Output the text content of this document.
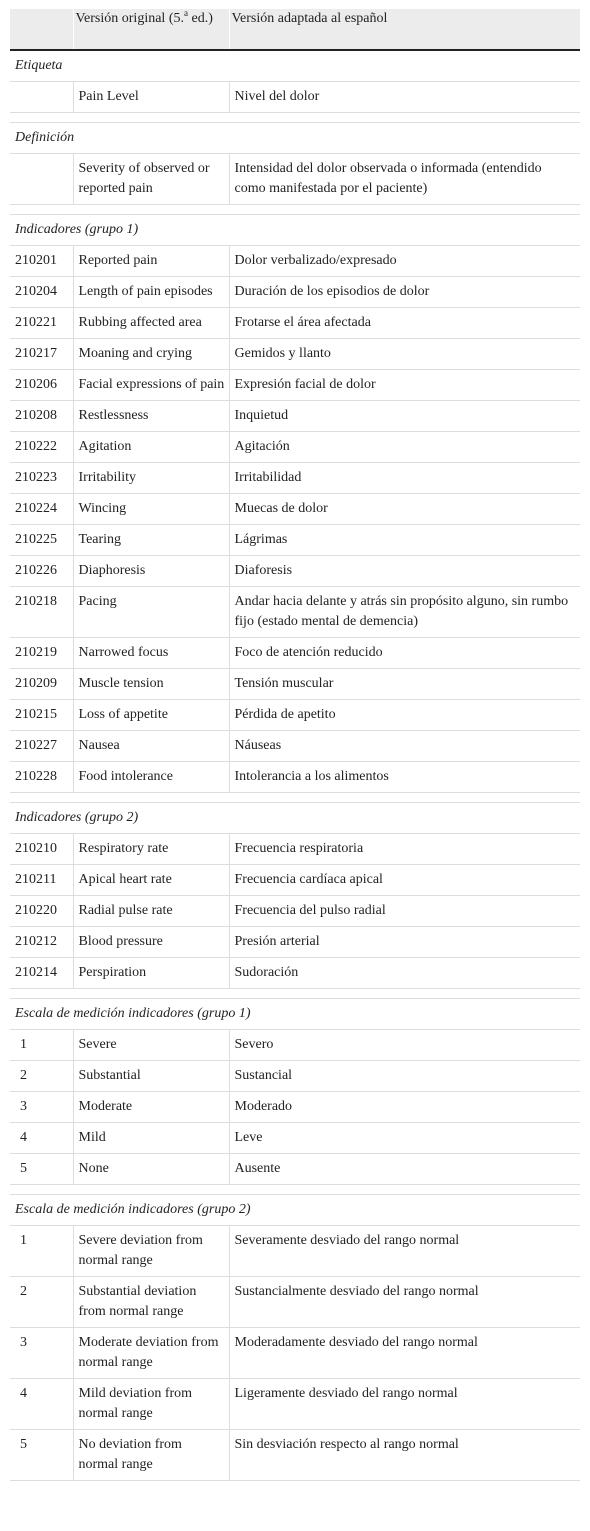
	Versión original (5.$^a$ ed.)	Versión adaptada al español
Etiqueta		
	Pain Level	Nivel del dolor

Definición		
	Severity of observed or reported pain	Intensidad del dolor observada o informada (entendido como manifestada por el paciente)

Indicadores (grupo 1)		
210201	Reported pain	Dolor verbalizado/expresado
210204	Length of pain episodes	Duración de los episodios de dolor
210221	Rubbing affected area	Frotarse el área afectada
210217	Moaning and crying	Gemidos y llanto
210206	Facial expressions of pain	Expresión facial de dolor
210208	Restlessness	Inquietud
210222	Agitation	Agitación
210223	Irritability	Irritabilidad
210224	Wincing	Muecas de dolor
210225	Tearing	Lágrimas
210226	Diaphoresis	Diaforesis
210218	Pacing	Andar hacia delante y atrás sin propósito alguno, sin rumbo fijo (estado mental de demencia)
210219	Narrowed focus	Foco de atención reducido
210209	Muscle tension	Tensión muscular
210215	Loss of appetite	Pérdida de apetito
210227	Nausea	Náuseas
210228	Food intolerance	Intolerancia a los alimentos

Indicadores (grupo 2)		
210210	Respiratory rate	Frecuencia respiratoria
210211	Apical heart rate	Frecuencia cardíaca apical
210220	Radial pulse rate	Frecuencia del pulso radial
210212	Blood pressure	Presión arterial
210214	Perspiration	Sudoración

Escala de medición indicadores (grupo 1)		
1	Severe	Severo
2	Substantial	Sustancial
3	Moderate	Moderado
4	Mild	Leve
5	None	Ausente

Escala de medición indicadores (grupo 2)		
1	Severe deviation from normal range	Severamente desviado del rango normal
2	Substantial deviation from normal range	Sustancialmente desviado del rango normal
3	Moderate deviation from normal range	Moderadamente desviado del rango normal
4	Mild deviation from normal range	Ligeramente desviado del rango normal
5	No deviation from normal range	Sin desviación respecto al rango normal
